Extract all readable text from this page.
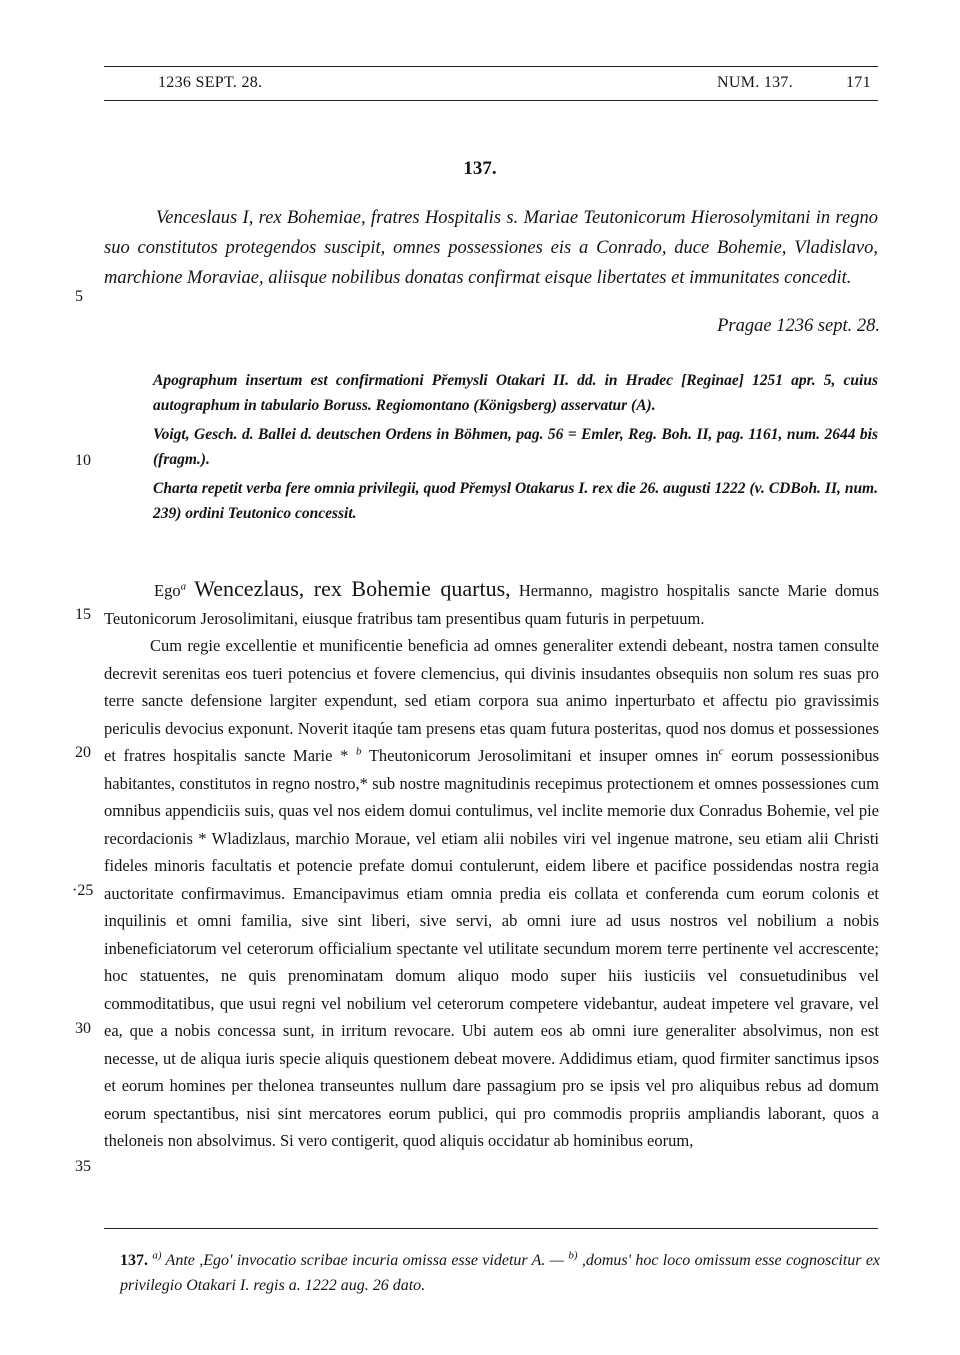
1236 SEPT. 28.	NUM. 137.	171
137.
Venceslaus I, rex Bohemiae, fratres Hospitalis s. Mariae Teutonicorum Hierosolymitani in regno suo constitutos protegendos suscipit, omnes possessiones eis a Conrado, duce Bohemie, Vladislavo, marchione Moraviae, aliisque nobilibus donatas confirmat eisque libertates et immunitates concedit.
Pragae 1236 sept. 28.

Apographum insertum est confirmationi Přemysli Otakari II. dd. in Hradec [Reginae] 1251 apr. 5, cuius autographum in tabulario Boruss. Regiomontano (Königsberg) asservatur (A).

Voigt, Gesch. d. Ballei d. deutschen Ordens in Böhmen, pag. 56 = Emler, Reg. Boh. II, pag. 1161, num. 2644 bis (fragm.).

Charta repetit verba fere omnia privilegii, quod Přemysl Otakarus I. rex die 26. augusti 1222 (v. CDBoh. II, num. 239) ordini Teutonico concessit.

Ego$^a$ Wencezlaus, rex Bohemie quartus, Hermanno, magistro hospitalis sancte Marie domus Teutonicorum Jerosolimitani, eiusque fratribus tam presentibus quam futuris in perpetuum.

Cum regie excellentie et munificentie beneficia ad omnes generaliter extendi debeant, nostra tamen consulte decrevit serenitas eos tueri potencius et fovere clemencius, qui divinis insudantes obsequiis non solum res suas pro terre sancte defensione largiter expendunt, sed etiam corpora sua animo inperturbato et affectu pio gravissimis periculis devocius exponunt. Noverit itaqúe tam presens etas quam futura posteritas, quod nos domus et possessiones et fratres hospitalis sancte Marie * $^b$ Theutonicorum Jerosolimitani et insuper omnes $in^c$ eorum possessionibus habitantes, constitutos in regno nostro,* sub nostre magnitudinis recepimus protectionem et omnes possessiones cum omnibus appendiciis suis, quas vel nos eidem domui contulimus, vel inclite memorie dux Conradus Bohemie, vel pie recordacionis * Wladizlaus, marchio Moraue, vel etiam alii nobiles viri vel ingenue matrone, seu etiam alii Christi fideles minoris facultatis et potencie prefate domui contulerunt, eidem libere et pacifice possidendas nostra regia auctoritate confirmavimus. Emancipavimus etiam omnia predia eis collata et conferenda cum eorum colonis et inquilinis et omni familia, sive sint liberi, sive servi, ab omni iure ad usus nostros vel nobilium a nobis inbeneficiatorum vel ceterorum officialium spectante vel utilitate secundum morem terre pertinente vel accrescente; hoc statuentes, ne quis prenominatam domum aliquo modo super hiis iusticiis vel consuetudinibus vel commoditatibus, que usui regni vel nobilium vel ceterorum competere videbantur, audeat impetere vel gravare, vel ea, que a nobis concessa sunt, in irritum revocare. Ubi autem eos ab omni iure generaliter absolvimus, non est necesse, ut de aliqua iuris specie aliquis questionem debeat movere. Addidimus etiam, quod firmiter sanctimus ipsos et eorum homines per thelonea transeuntes nullum dare passagium pro se ipsis vel pro aliquibus rebus ad domum eorum spectantibus, nisi sint mercatores eorum publici, qui pro commodis propriis ampliandis laborant, quos a theloneis non absolvimus. Si vero contigerit, quod aliquis occidatur ab hominibus eorum,

5
10
15
20
·25
30
35
137. $^{a)}$ Ante ,Ego' invocatio scribae incuria omissa esse videtur A. — $^{b)}$ ,domus' hoc loco omissum esse cognoscitur ex privilegio Otakari I. regis a. 1222 aug. 26 dato.
